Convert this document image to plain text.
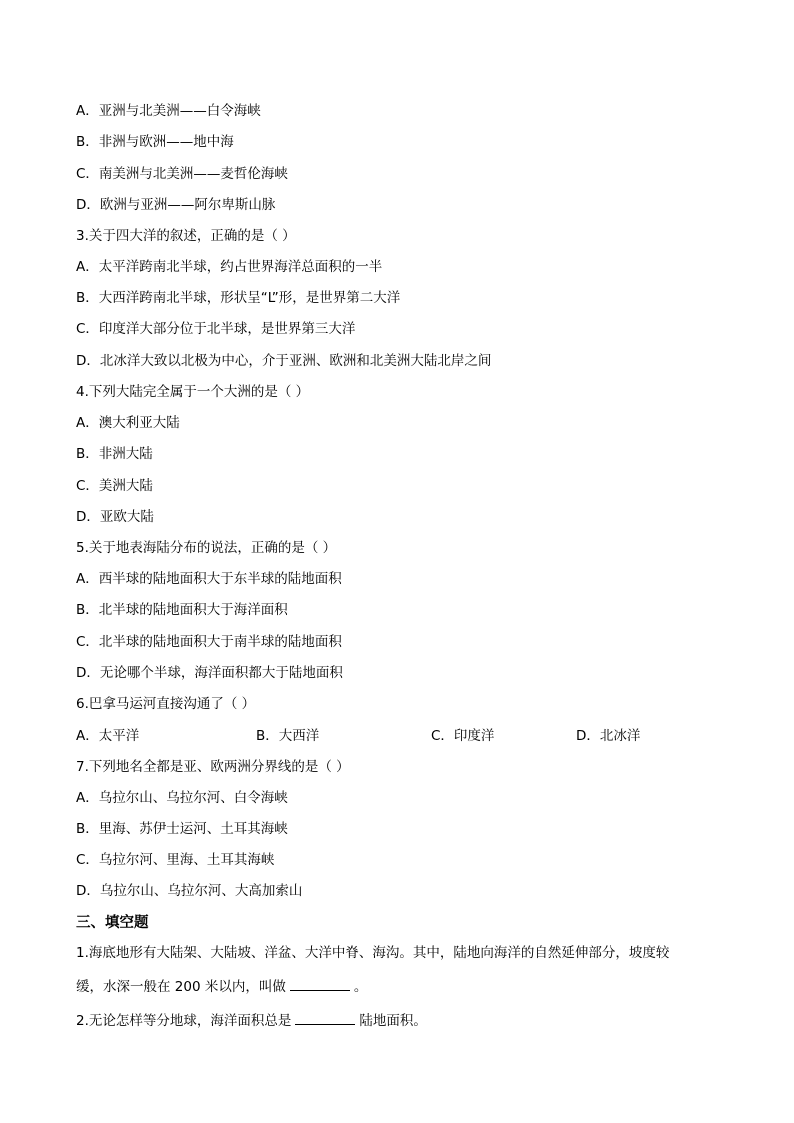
A．亚洲与北美洲——白令海峡
B．非洲与欧洲——地中海
C．南美洲与北美洲——麦哲伦海峡
D．欧洲与亚洲——阿尔卑斯山脉
3.关于四大洋的叙述，正确的是（ ）
A．太平洋跨南北半球，约占世界海洋总面积的一半
B．大西洋跨南北半球，形状呈“L”形，是世界第二大洋
C．印度洋大部分位于北半球，是世界第三大洋
D．北冰洋大致以北极为中心，介于亚洲、欧洲和北美洲大陆北岸之间
4.下列大陆完全属于一个大洲的是（ ）
A．澳大利亚大陆
B．非洲大陆
C．美洲大陆
D．亚欧大陆
5.关于地表海陆分布的说法，正确的是（ ）
A．西半球的陆地面积大于东半球的陆地面积
B．北半球的陆地面积大于海洋面积
C．北半球的陆地面积大于南半球的陆地面积
D．无论哪个半球，海洋面积都大于陆地面积
6.巴拿马运河直接沟通了（ ）
A．太平洋	B．大西洋	C．印度洋	D．北冰洋
7.下列地名全都是亚、欧两洲分界线的是（ ）
A．乌拉尔山、乌拉尔河、白令海峡
B．里海、苏伊士运河、土耳其海峡
C．乌拉尔河、里海、土耳其海峡
D．乌拉尔山、乌拉尔河、大高加索山
三、填空题
1.海底地形有大陆架、大陆坡、洋盆、大洋中脊、海沟。其中，陆地向海洋的自然延伸部分，坡度较
缓，水深一般在 200 米以内，叫做	。
2.无论怎样等分地球，海洋面积总是	陆地面积。
